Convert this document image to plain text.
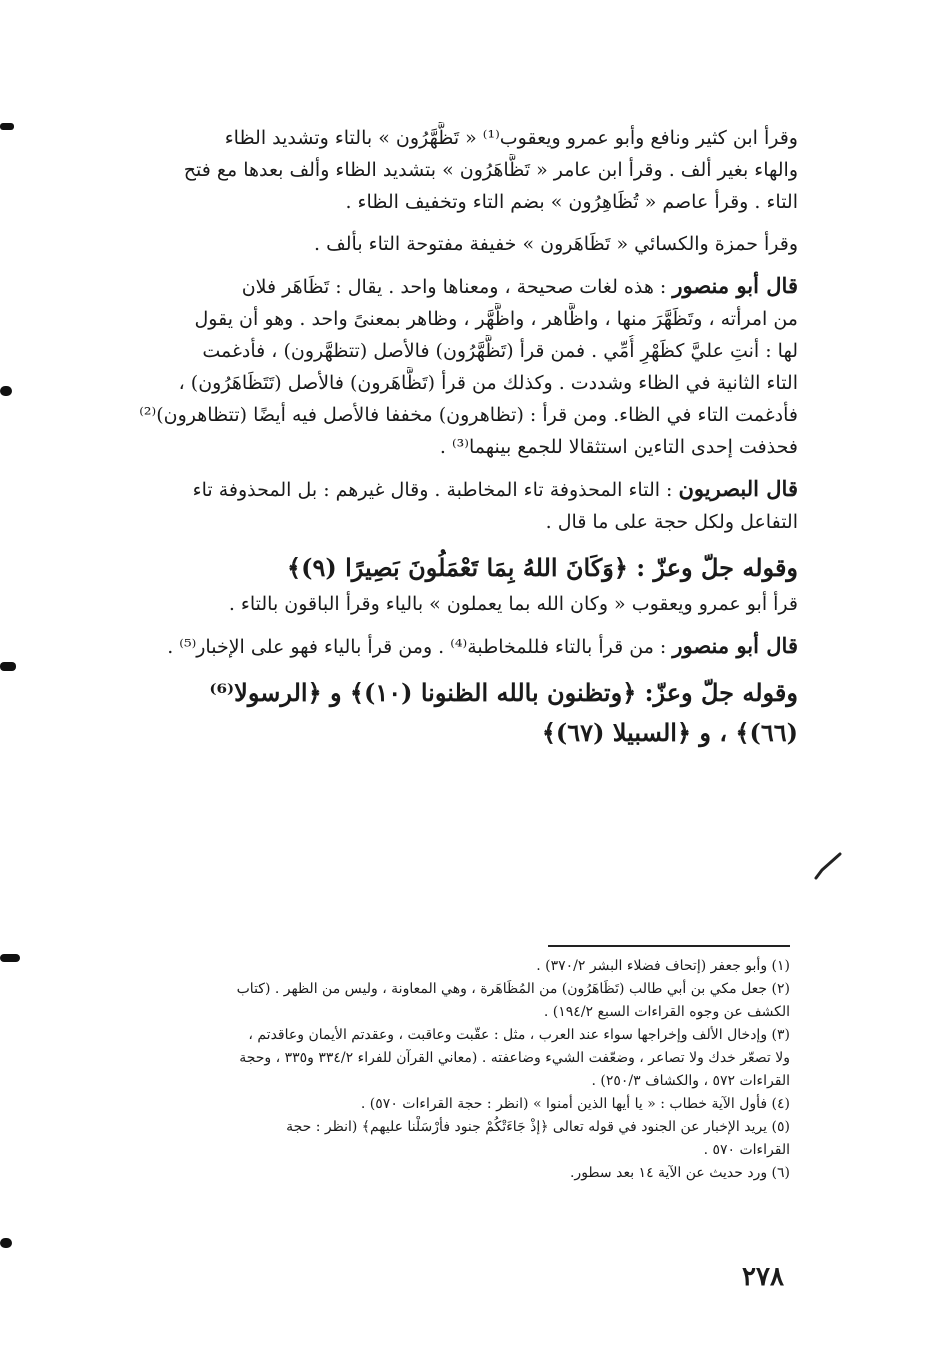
وقرأ ابن كثير ونافع وأبو عمرو ويعقوب⁽¹⁾ « تَظَّهَّرُون » بالتاء وتشديد الظاء
والهاء بغير ألف . وقرأ ابن عامر « تَظَّاهَرُون » بتشديد الظاء وألف بعدها مع فتح
التاء . وقرأ عاصم « تُظَاهِرُون » بضم التاء وتخفيف الظاء .
وقرأ حمزة والكسائي « تَظَاهَرون » خفيفة مفتوحة التاء بألف .
قال أبو منصور : هذه لغات صحيحة ، ومعناها واحد . يقال : تَظَاهَر فلان
من امرأته ، وتَظَهَّرَ منها ، واظَّاهر ، واظَّهَّر ، وظاهر بمعنىً واحد . وهو أن يقول
لها : أنتِ عليَّ كظَهْرِ أُمِّي . فمن قرأ (تَظَّهَّرُون) فالأصل (تتظهَّرون) ، فأدغمت
التاء الثانية في الظاء وشددت . وكذلك من قرأ (تَظَّاهَرون) فالأصل (تَتَظَاهَرُون) ،
فأدغمت التاء في الظاء. ومن قرأ : (تظاهرون) مخففا فالأصل فيه أيضًا (تتظاهرون)⁽²⁾
فحذفت إحدى التاءين استثقالا للجمع بينهما⁽³⁾ .
قال البصريون : التاء المحذوفة تاء المخاطبة . وقال غيرهم : بل المحذوفة تاء
التفاعل ولكل حجة على ما قال .
وقوله جلّ وعزّ : ﴿وَكَانَ اللهُ بِمَا تَعْمَلُونَ بَصِيرًا (٩)﴾
قرأ أبو عمرو ويعقوب « وكان الله بما يعملون » بالياء وقرأ الباقون بالتاء .
قال أبو منصور : من قرأ بالتاء فللمخاطبة⁽⁴⁾ . ومن قرأ بالياء فهو على الإخبار⁽⁵⁾ .
وقوله جلّ وعزّ: ﴿وتظنون بالله الظنونا (١٠)﴾ و ﴿الرسولا⁽⁶⁾
(٦٦)﴾ ، و ﴿السبيلا (٦٧)﴾
(١) وأبو جعفر (إتحاف فضلاء البشر ٣٧٠/٢) .
(٢) جعل مكي بن أبي طالب (تَظَاهَرُون) من المُظَاهَرة ، وهي المعاونة ، وليس من الظهر . (كتاب
الكشف عن وجوه القراءات السبع ١٩٤/٢) .
(٣) وإدخال الألف وإخراجها سواء عند العرب ، مثل : عقّبت وعاقبت ، وعقدتم الأيمان وعاقدتم ،
ولا تصعّر خدك ولا تصاعر ، وضعّفت الشيء وضاعفته . (معاني القرآن للفراء ٣٣٤/٢ و٣٣٥ ، وحجة
القراءات ٥٧٢ ، والكشاف ٢٥٠/٣) .
(٤) فأول الآية خطاب : « يا أيها الذين أمنوا » (انظر : حجة القراءات ٥٧٠) .
(٥) يريد الإخبار عن الجنود في قوله تعالى ﴿إذْ جَاءَتْكُمْ جنود فأرْسَلْنا عليهم﴾ (انظر : حجة
القراءات ٥٧٠ .
(٦) ورد حديث عن الآية ١٤ بعد سطور.
٢٧٨
